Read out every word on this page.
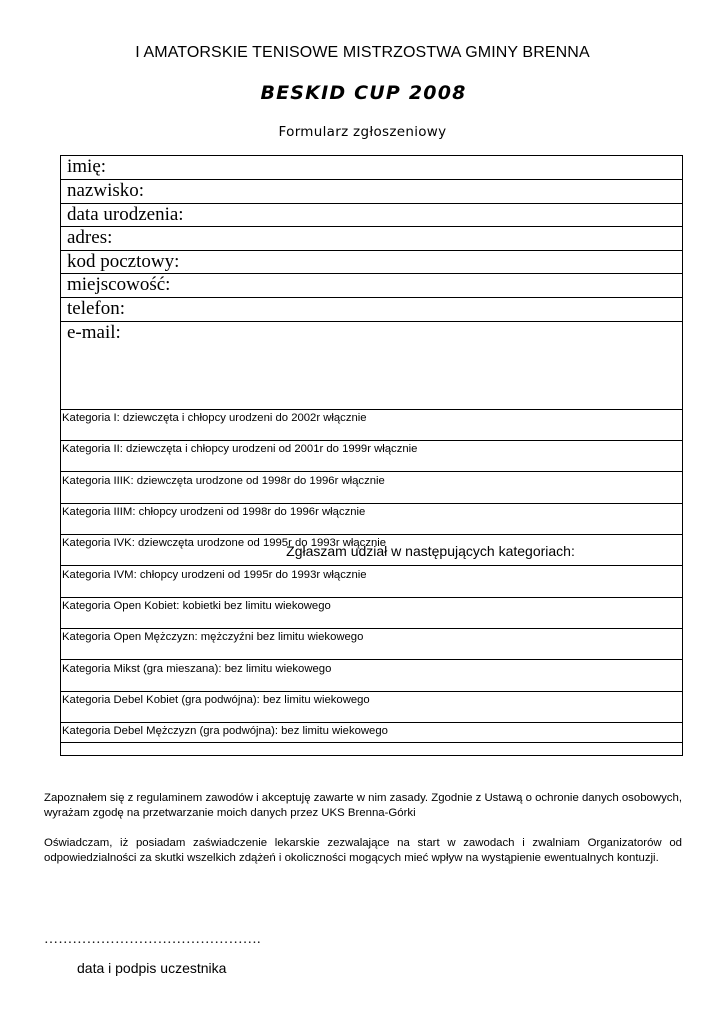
I AMATORSKIE TENISOWE MISTRZOSTWA GMINY BRENNA
BESKID CUP 2008
Formularz zgłoszeniowy
imię:
nazwisko:
data urodzenia:
adres:
kod pocztowy:
miejscowość:
telefon:
e-mail:
Zgłaszam udział w następujących kategoriach:
Kategoria I: dziewczęta i chłopcy urodzeni do 2002r włącznie
Kategoria II: dziewczęta i chłopcy urodzeni od 2001r do 1999r włącznie
Kategoria IIIK: dziewczęta urodzone od 1998r do 1996r włącznie
Kategoria IIIM: chłopcy urodzeni od 1998r do 1996r włącznie
Kategoria IVK: dziewczęta urodzone od 1995r do 1993r włącznie
Kategoria IVM: chłopcy urodzeni od 1995r do 1993r włącznie
Kategoria Open Kobiet: kobietki bez limitu wiekowego
Kategoria Open Mężczyzn: mężczyźni bez limitu wiekowego
Kategoria Mikst (gra mieszana): bez limitu wiekowego
Kategoria Debel Kobiet (gra podwójna): bez limitu wiekowego
Kategoria Debel Mężczyzn (gra podwójna): bez limitu wiekowego
Zapoznałem się z regulaminem zawodów i akceptuję zawarte w nim zasady. Zgodnie z Ustawą o ochronie danych osobowych, wyrażam zgodę na przetwarzanie moich danych przez UKS Brenna-Górki
Oświadczam, iż posiadam zaświadczenie lekarskie zezwalające na start w zawodach i zwalniam Organizatorów od odpowiedzialności za skutki wszelkich zdążeń i okoliczności mogących mieć wpływ na wystąpienie ewentualnych kontuzji.
……………………………………….
data i podpis uczestnika
